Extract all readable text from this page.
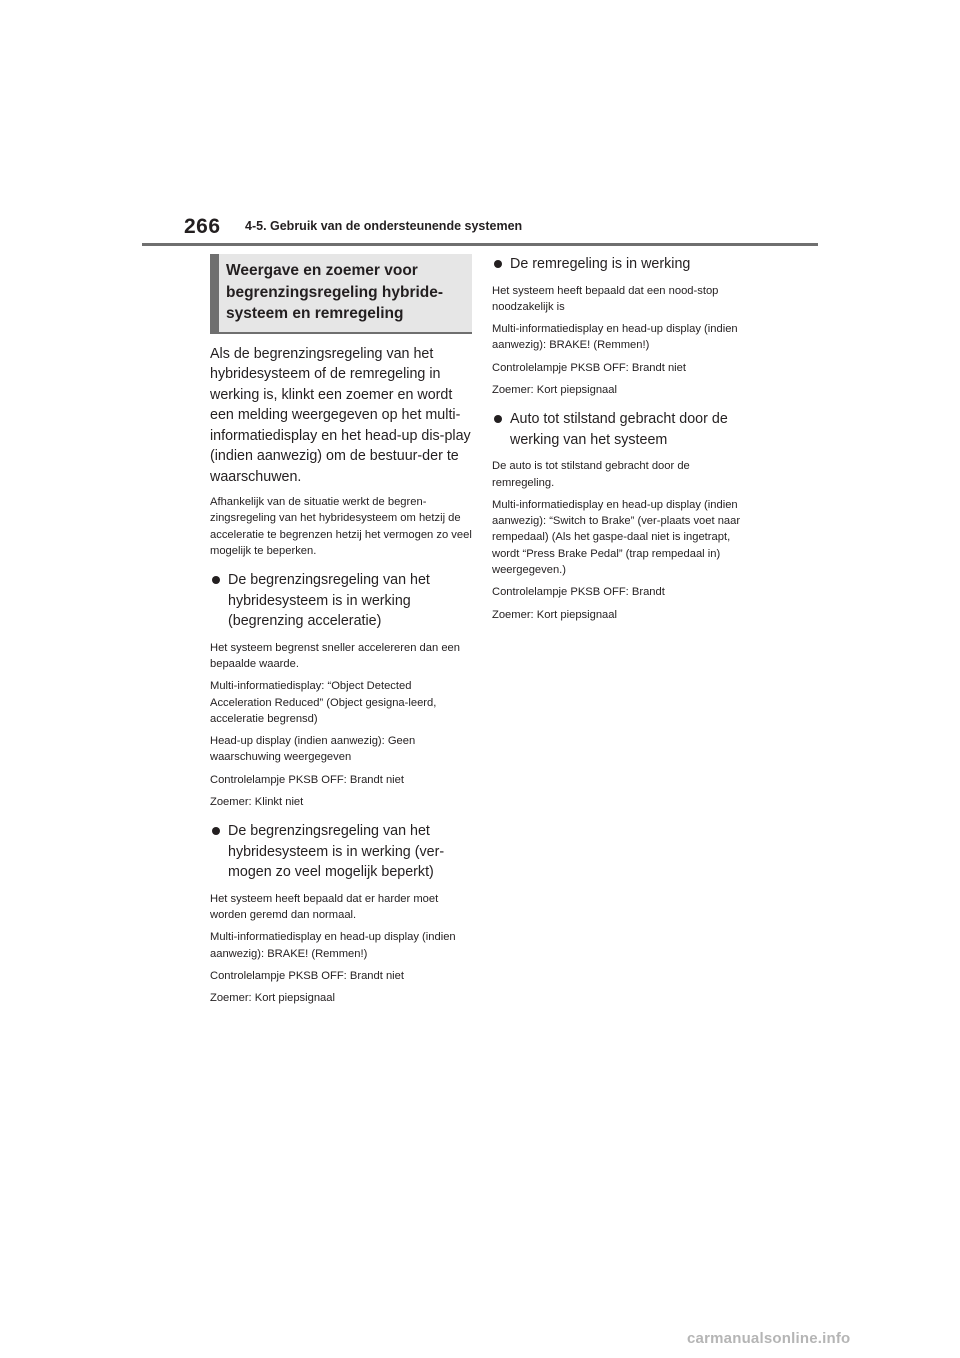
266 4-5. Gebruik van de ondersteunende systemen
Weergave en zoemer voor begrenzingsregeling hybride-systeem en remregeling

Als de begrenzingsregeling van het hybridesysteem of de remregeling in werking is, klinkt een zoemer en wordt een melding weergegeven op het multi-informatiedisplay en het head-up dis-play (indien aanwezig) om de bestuur-der te waarschuwen.

Afhankelijk van de situatie werkt de begren-zingsregeling van het hybridesysteem om hetzij de acceleratie te begrenzen hetzij het vermogen zo veel mogelijk te beperken.

De begrenzingsregeling van het hybridesysteem is in werking (begrenzing acceleratie)

Het systeem begrenst sneller accelereren dan een bepaalde waarde.

Multi-informatiedisplay: “Object Detected Acceleration Reduced” (Object gesigna-leerd, acceleratie begrensd)

Head-up display (indien aanwezig): Geen waarschuwing weergegeven

Controlelampje PKSB OFF: Brandt niet

Zoemer: Klinkt niet

De begrenzingsregeling van het hybridesysteem is in werking (ver-mogen zo veel mogelijk beperkt)

Het systeem heeft bepaald dat er harder moet worden geremd dan normaal.

Multi-informatiedisplay en head-up display (indien aanwezig): BRAKE! (Remmen!)

Controlelampje PKSB OFF: Brandt niet

Zoemer: Kort piepsignaal

De remregeling is in werking

Het systeem heeft bepaald dat een nood-stop noodzakelijk is

Multi-informatiedisplay en head-up display (indien aanwezig): BRAKE! (Remmen!)

Controlelampje PKSB OFF: Brandt niet

Zoemer: Kort piepsignaal

Auto tot stilstand gebracht door de werking van het systeem

De auto is tot stilstand gebracht door de remregeling.

Multi-informatiedisplay en head-up display (indien aanwezig): “Switch to Brake” (ver-plaats voet naar rempedaal) (Als het gaspe-daal niet is ingetrapt, wordt “Press Brake Pedal” (trap rempedaal in) weergegeven.)

Controlelampje PKSB OFF: Brandt

Zoemer: Kort piepsignaal

carmanualsonline.info
